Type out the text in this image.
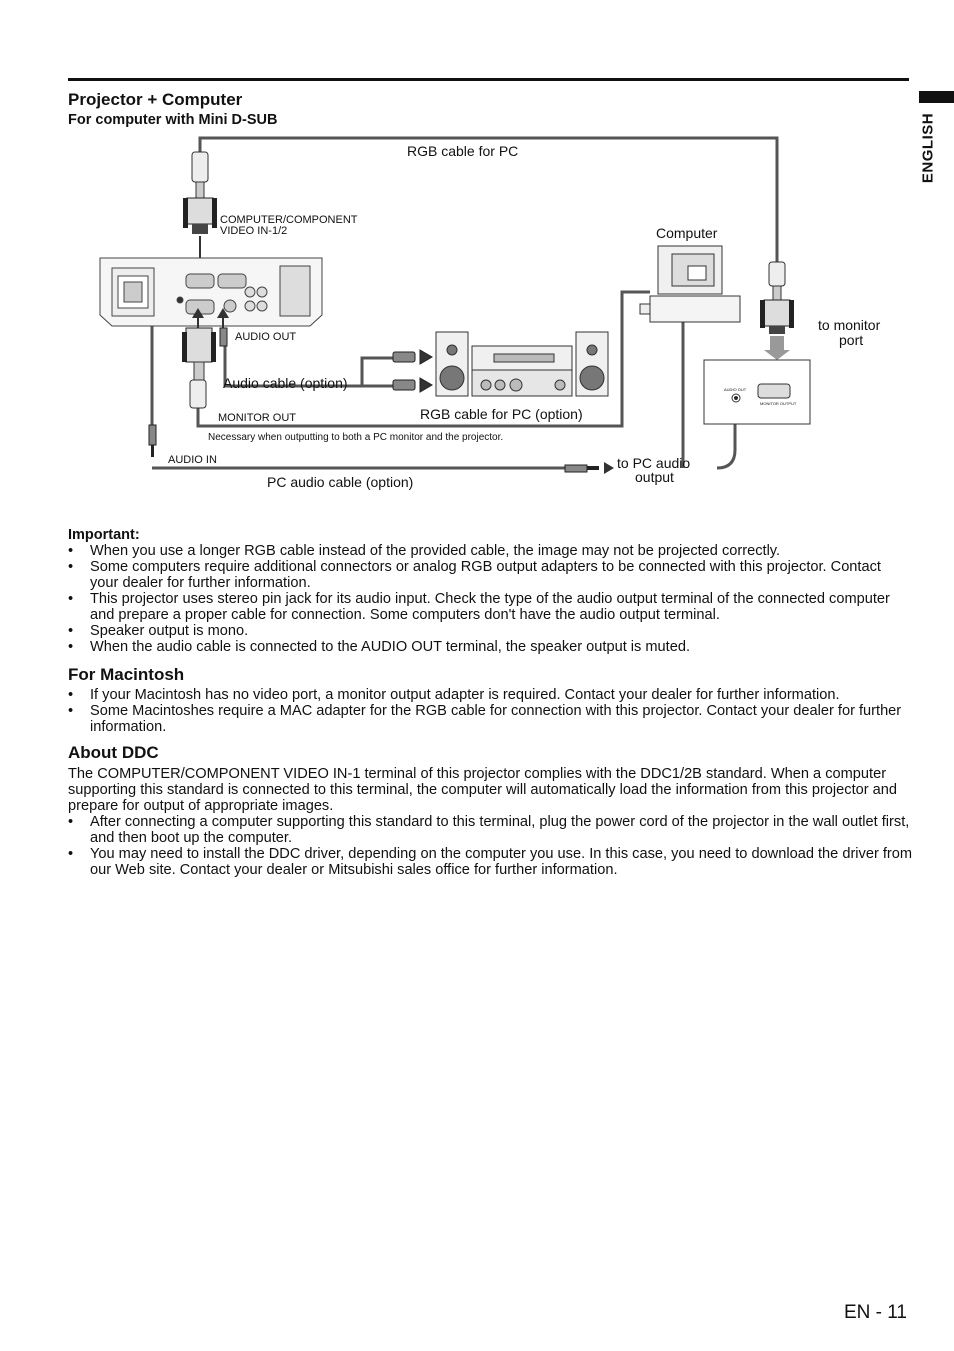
ENGLISH
Projector + Computer
For computer with Mini D-SUB
RGB cable for PC
COMPUTER/COMPONENT
VIDEO IN-1/2	Computer
to monitor
port
AUDIO OUT
Audio cable (option)
MONITOR OUT	RGB cable for PC (option)
Necessary when outputting to both a PC monitor and the projector.
AUDIO IN	to PC audio
output
PC audio cable (option)
AUDIO OUT
MONITOR OUTPUT
Important:
• When you use a longer RGB cable instead of the provided cable, the image may not be projected correctly.
• Some computers require additional connectors or analog RGB output adapters to be connected with this projector. Contact your dealer for further information.
• This projector uses stereo pin jack for its audio input. Check the type of the audio output terminal of the connected computer and prepare a proper cable for connection. Some computers don't have the audio output terminal.
• Speaker output is mono.
• When the audio cable is connected to the AUDIO OUT terminal, the speaker output is muted.
For Macintosh
• If your Macintosh has no video port, a monitor output adapter is required. Contact your dealer for further information.
• Some Macintoshes require a MAC adapter for the RGB cable for connection with this projector. Contact your dealer for further information.
About DDC
The COMPUTER/COMPONENT VIDEO IN-1 terminal of this projector complies with the DDC1/2B standard. When a computer supporting this standard is connected to this terminal, the computer will automatically load the information from this projector and prepare for output of appropriate images.
• After connecting a computer supporting this standard to this terminal, plug the power cord of the projector in the wall outlet first, and then boot up the computer.
• You may need to install the DDC driver, depending on the computer you use. In this case, you need to download the driver from our Web site. Contact your dealer or Mitsubishi sales office for further information.
EN - 11
